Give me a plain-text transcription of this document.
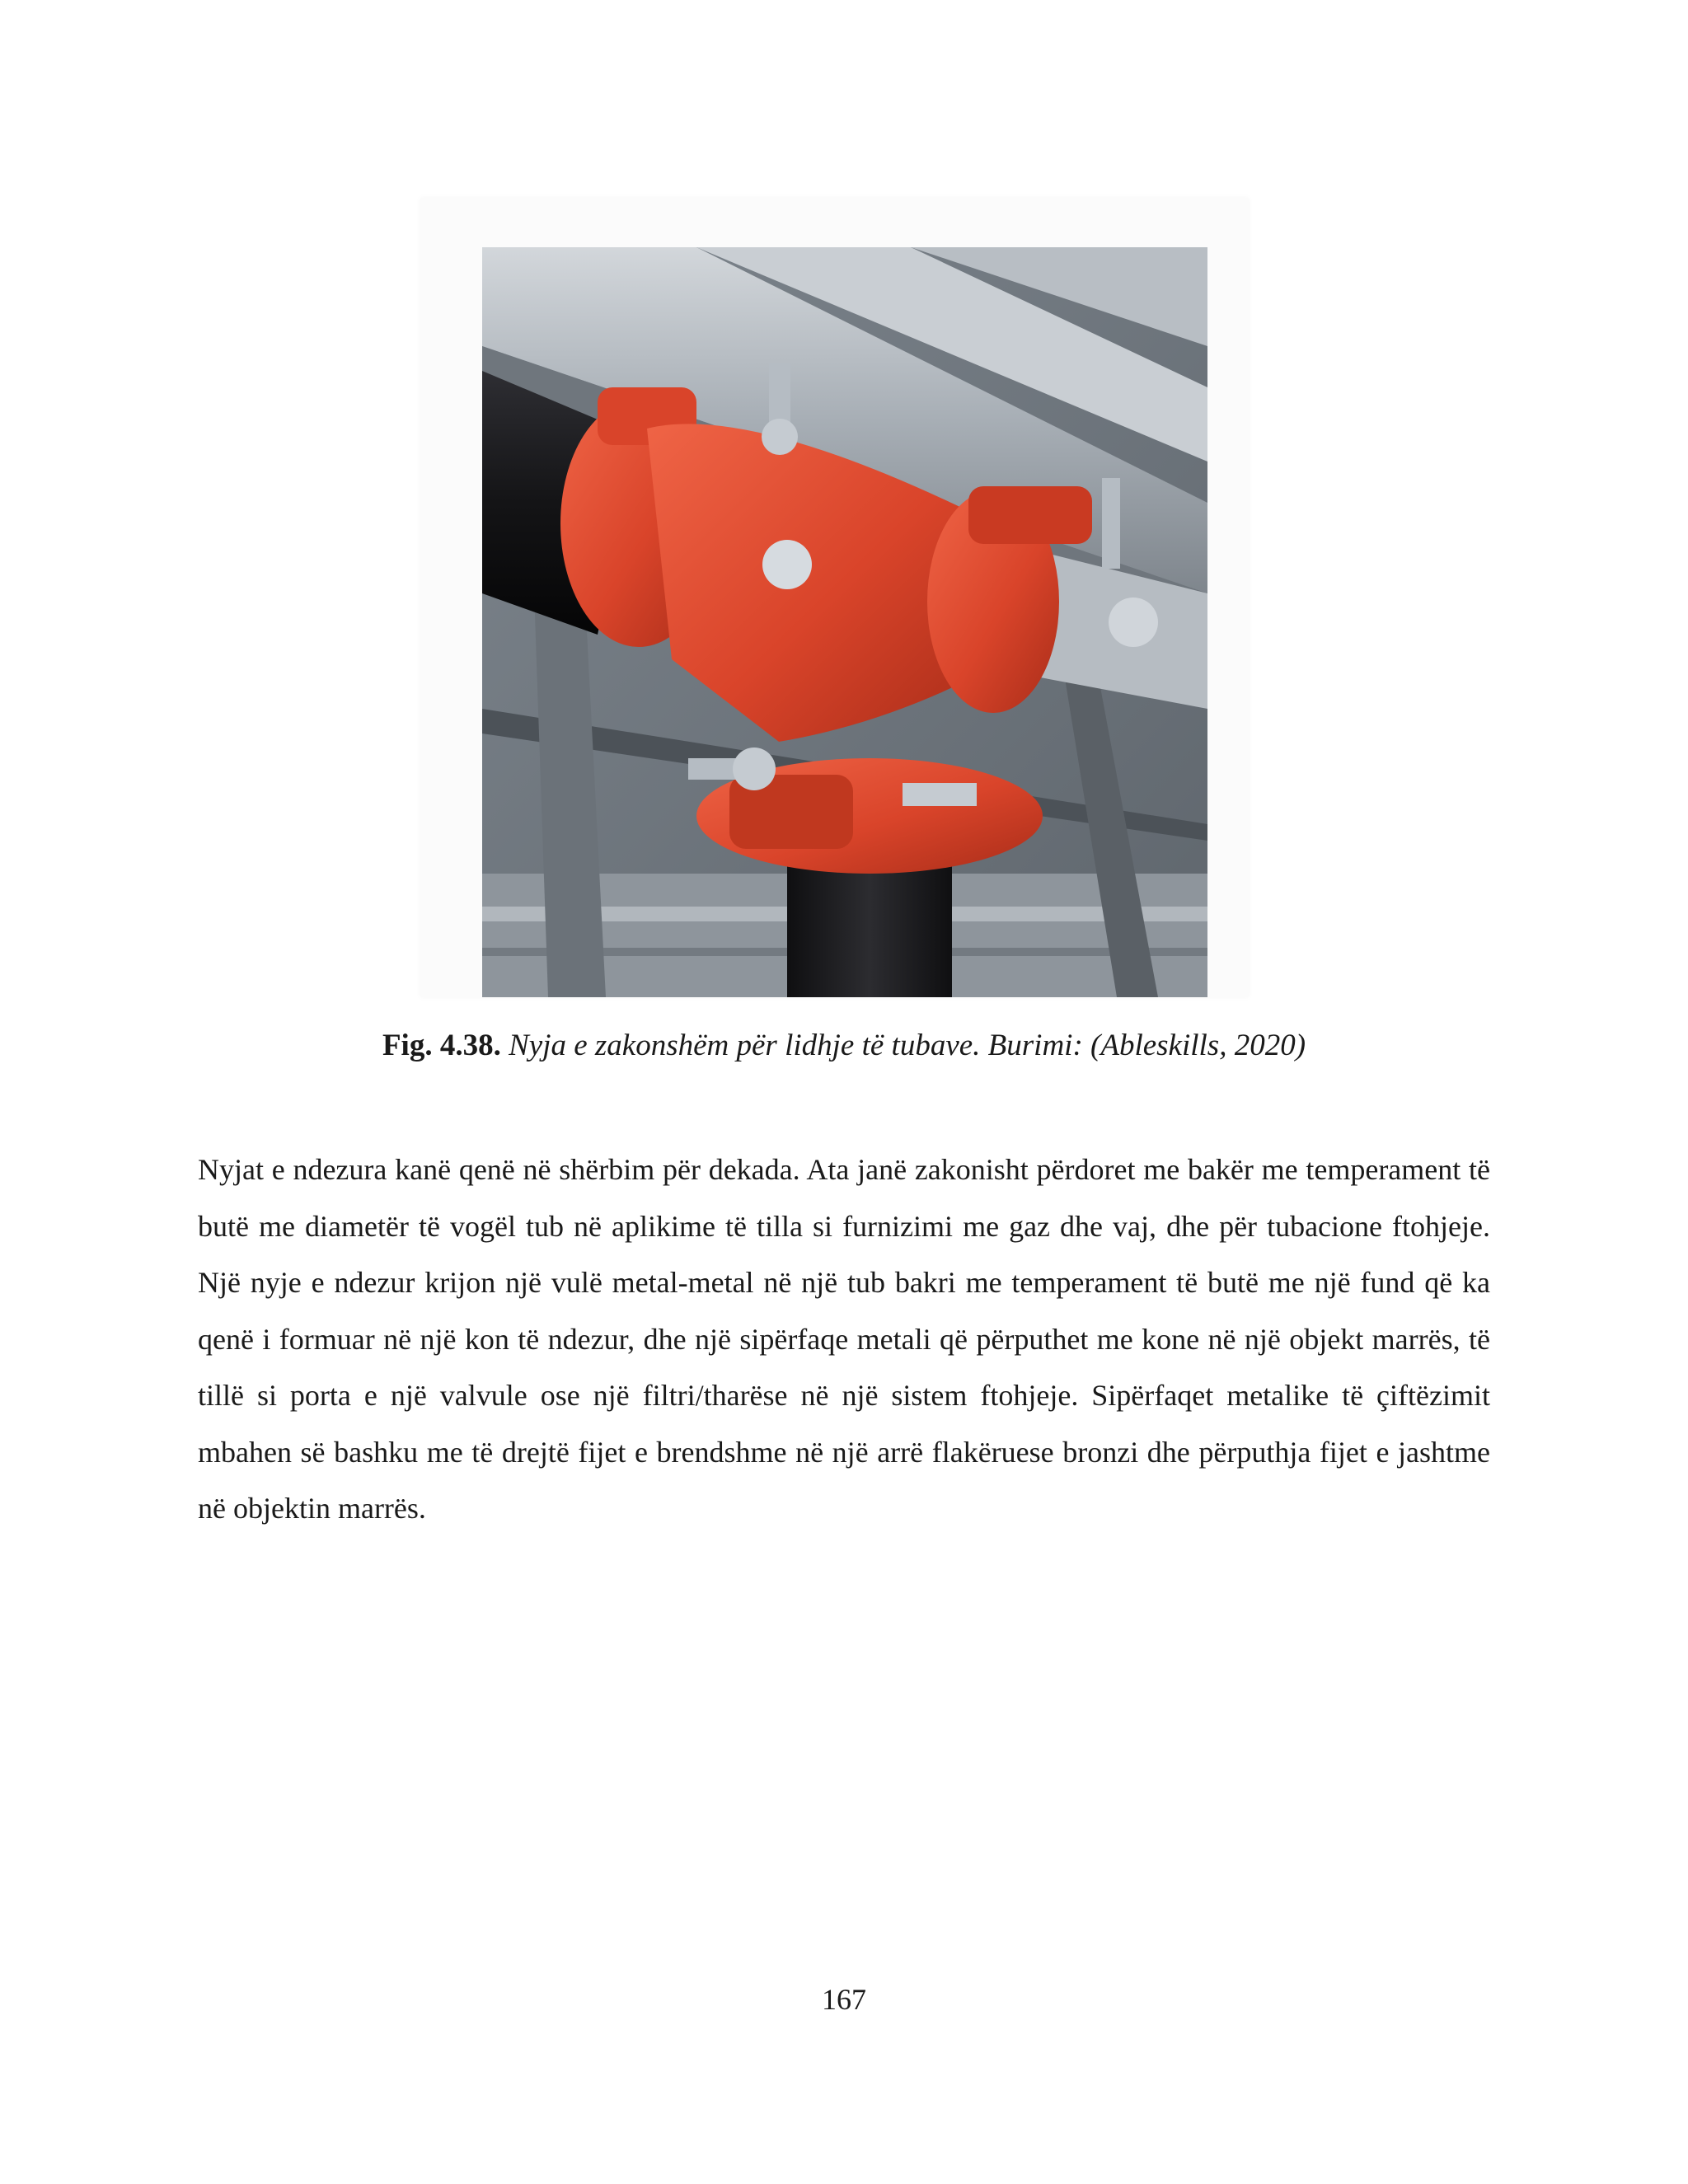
Fig. 4.38. Nyja e zakonshëm për lidhje të tubave. Burimi: (Ableskills, 2020)

Nyjat e ndezura kanë qenë në shërbim për dekada. Ata janë zakonisht përdoret me bakër me temperament të butë me diametër të vogël tub në aplikime të tilla si furnizimi me gaz dhe vaj, dhe për tubacione ftohjeje. Një nyje e ndezur krijon një vulë metal-metal në një tub bakri me temperament të butë me një fund që ka qenë i formuar në një kon të ndezur, dhe një sipërfaqe metali që përputhet me kone në një objekt marrës, të tillë si porta e një valvule ose një filtri/tharëse në një sistem ftohjeje. Sipërfaqet metalike të çiftëzimit mbahen së bashku me të drejtë fijet e brendshme në një arrë flakëruese bronzi dhe përputhja fijet e jashtme në objektin marrës.

167
